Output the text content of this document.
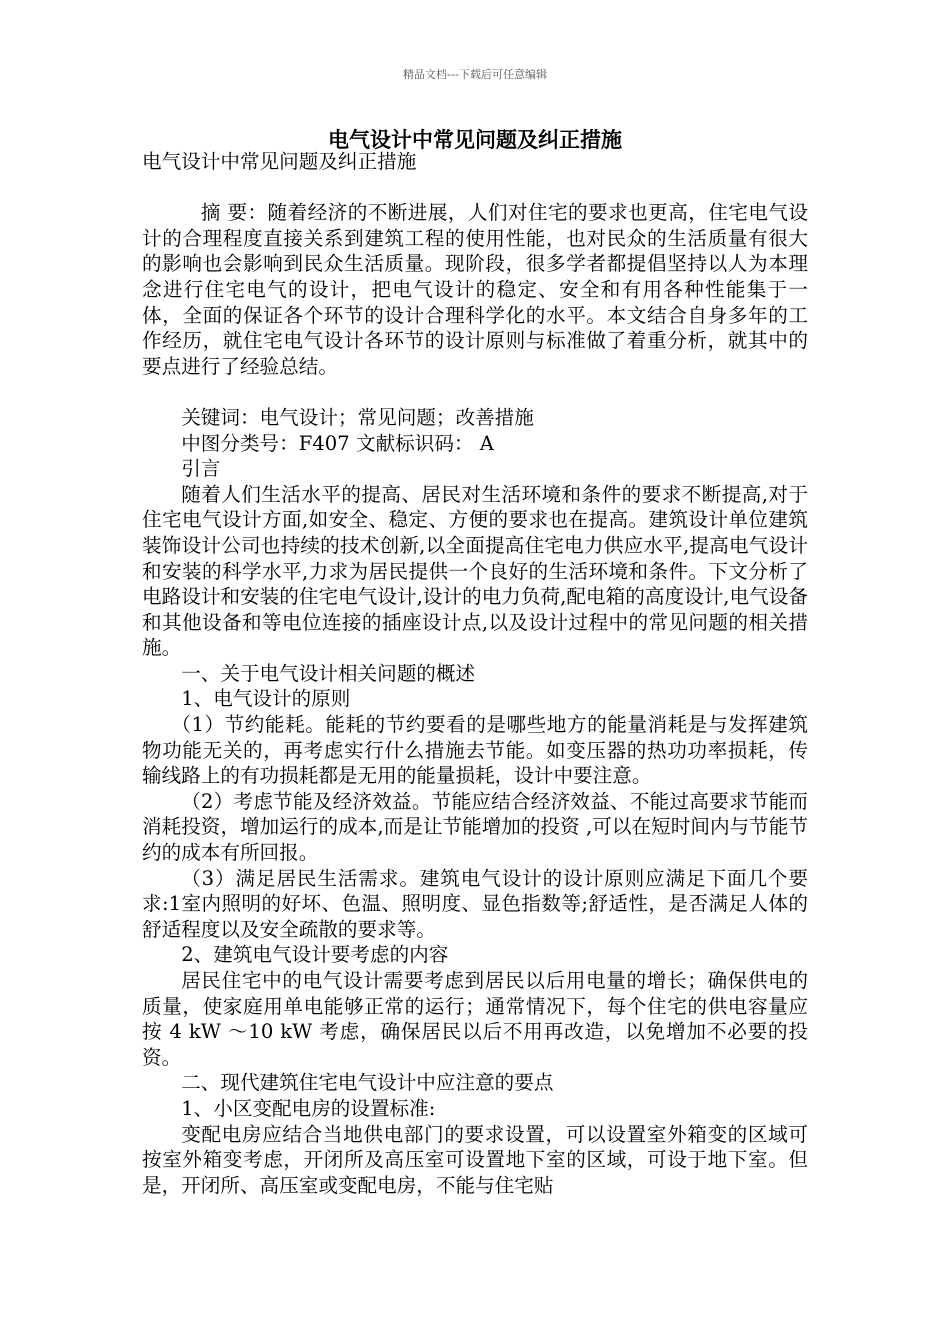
精品文档---下载后可任意编辑
电气设计中常见问题及纠正措施

电气设计中常见问题及纠正措施

摘 要：随着经济的不断进展，人们对住宅的要求也更高，住宅电气设计的合理程度直接关系到建筑工程的使用性能，也对民众的生活质量有很大的影响也会影响到民众生活质量。现阶段，很多学者都提倡坚持以人为本理念进行住宅电气的设计，把电气设计的稳定、安全和有用各种性能集于一体，全面的保证各个环节的设计合理科学化的水平。本文结合自身多年的工作经历，就住宅电气设计各环节的设计原则与标准做了着重分析，就其中的要点进行了经验总结。

关键词：电气设计；常见问题；改善措施

中图分类号：F407 文献标识码： A

引言

随着人们生活水平的提高、居民对生活环境和条件的要求不断提高,对于住宅电气设计方面,如安全、稳定、方便的要求也在提高。建筑设计单位建筑装饰设计公司也持续的技术创新,以全面提高住宅电力供应水平,提高电气设计和安装的科学水平,力求为居民提供一个良好的生活环境和条件。下文分析了电路设计和安装的住宅电气设计,设计的电力负荷,配电箱的高度设计,电气设备和其他设备和等电位连接的插座设计点,以及设计过程中的常见问题的相关措施。

一、关于电气设计相关问题的概述

1、电气设计的原则

（1）节约能耗。能耗的节约要看的是哪些地方的能量消耗是与发挥建筑物功能无关的，再考虑实行什么措施去节能。如变压器的热功功率损耗，传输线路上的有功损耗都是无用的能量损耗，设计中要注意。

（2）考虑节能及经济效益。节能应结合经济效益、不能过高要求节能而消耗投资，增加运行的成本,而是让节能增加的投资 ,可以在短时间内与节能节约的成本有所回报。

（3）满足居民生活需求。建筑电气设计的设计原则应满足下面几个要求:1室内照明的好坏、色温、照明度、显色指数等;舒适性，是否满足人体的舒适程度以及安全疏散的要求等。

2、建筑电气设计要考虑的内容

居民住宅中的电气设计需要考虑到居民以后用电量的增长；确保供电的质量，使家庭用单电能够正常的运行；通常情况下，每个住宅的供电容量应按 4 kW ～10 kW 考虑，确保居民以后不用再改造，以免增加不必要的投资。

二、现代建筑住宅电气设计中应注意的要点

1、小区变配电房的设置标准:

变配电房应结合当地供电部门的要求设置，可以设置室外箱变的区域可按室外箱变考虑，开闭所及高压室可设置地下室的区域，可设于地下室。但是，开闭所、高压室或变配电房，不能与住宅贴
